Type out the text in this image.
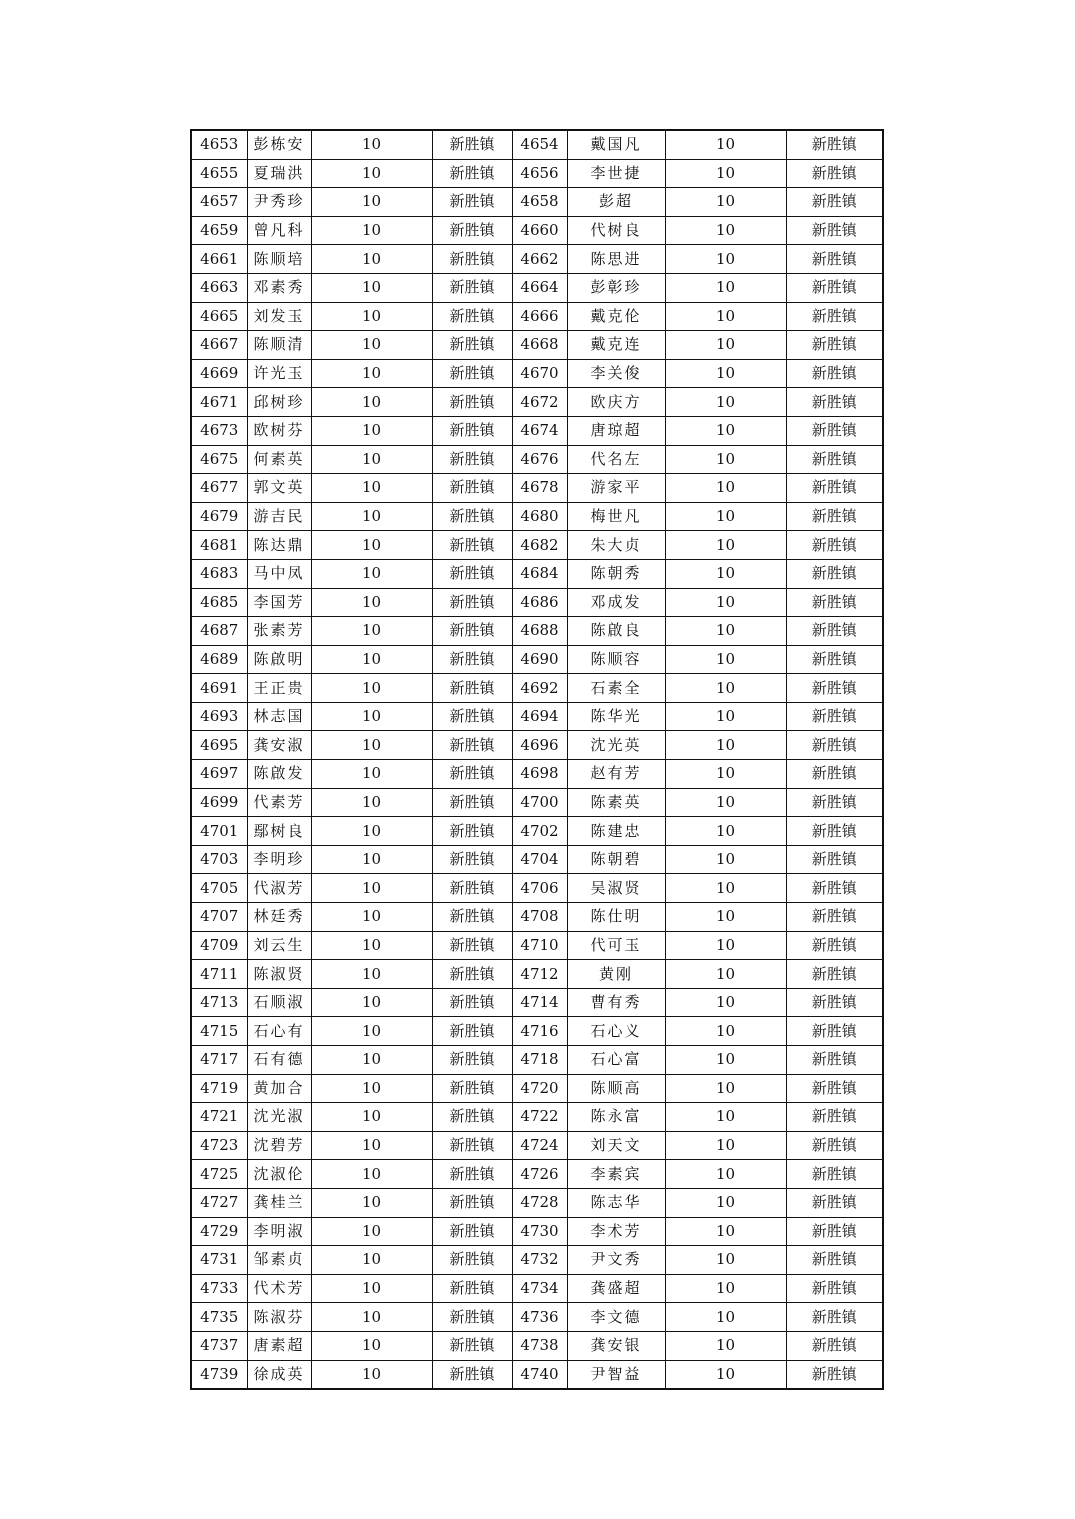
4653	彭栋安	10	新胜镇	4654	戴国凡	10	新胜镇
4655	夏瑞洪	10	新胜镇	4656	李世捷	10	新胜镇
4657	尹秀珍	10	新胜镇	4658	彭超	10	新胜镇
4659	曾凡科	10	新胜镇	4660	代树良	10	新胜镇
4661	陈顺培	10	新胜镇	4662	陈思进	10	新胜镇
4663	邓素秀	10	新胜镇	4664	彭彰珍	10	新胜镇
4665	刘发玉	10	新胜镇	4666	戴克伦	10	新胜镇
4667	陈顺清	10	新胜镇	4668	戴克连	10	新胜镇
4669	许光玉	10	新胜镇	4670	李关俊	10	新胜镇
4671	邱树珍	10	新胜镇	4672	欧庆方	10	新胜镇
4673	欧树芬	10	新胜镇	4674	唐琼超	10	新胜镇
4675	何素英	10	新胜镇	4676	代名左	10	新胜镇
4677	郭文英	10	新胜镇	4678	游家平	10	新胜镇
4679	游吉民	10	新胜镇	4680	梅世凡	10	新胜镇
4681	陈达鼎	10	新胜镇	4682	朱大贞	10	新胜镇
4683	马中凤	10	新胜镇	4684	陈朝秀	10	新胜镇
4685	李国芳	10	新胜镇	4686	邓成发	10	新胜镇
4687	张素芳	10	新胜镇	4688	陈啟良	10	新胜镇
4689	陈啟明	10	新胜镇	4690	陈顺容	10	新胜镇
4691	王正贵	10	新胜镇	4692	石素全	10	新胜镇
4693	林志国	10	新胜镇	4694	陈华光	10	新胜镇
4695	龚安淑	10	新胜镇	4696	沈光英	10	新胜镇
4697	陈啟发	10	新胜镇	4698	赵有芳	10	新胜镇
4699	代素芳	10	新胜镇	4700	陈素英	10	新胜镇
4701	鄢树良	10	新胜镇	4702	陈建忠	10	新胜镇
4703	李明珍	10	新胜镇	4704	陈朝碧	10	新胜镇
4705	代淑芳	10	新胜镇	4706	吴淑贤	10	新胜镇
4707	林廷秀	10	新胜镇	4708	陈仕明	10	新胜镇
4709	刘云生	10	新胜镇	4710	代可玉	10	新胜镇
4711	陈淑贤	10	新胜镇	4712	黄刚	10	新胜镇
4713	石顺淑	10	新胜镇	4714	曹有秀	10	新胜镇
4715	石心有	10	新胜镇	4716	石心义	10	新胜镇
4717	石有德	10	新胜镇	4718	石心富	10	新胜镇
4719	黄加合	10	新胜镇	4720	陈顺高	10	新胜镇
4721	沈光淑	10	新胜镇	4722	陈永富	10	新胜镇
4723	沈碧芳	10	新胜镇	4724	刘天文	10	新胜镇
4725	沈淑伦	10	新胜镇	4726	李素宾	10	新胜镇
4727	龚桂兰	10	新胜镇	4728	陈志华	10	新胜镇
4729	李明淑	10	新胜镇	4730	李术芳	10	新胜镇
4731	邹素贞	10	新胜镇	4732	尹文秀	10	新胜镇
4733	代术芳	10	新胜镇	4734	龚盛超	10	新胜镇
4735	陈淑芬	10	新胜镇	4736	李文德	10	新胜镇
4737	唐素超	10	新胜镇	4738	龚安银	10	新胜镇
4739	徐成英	10	新胜镇	4740	尹智益	10	新胜镇
